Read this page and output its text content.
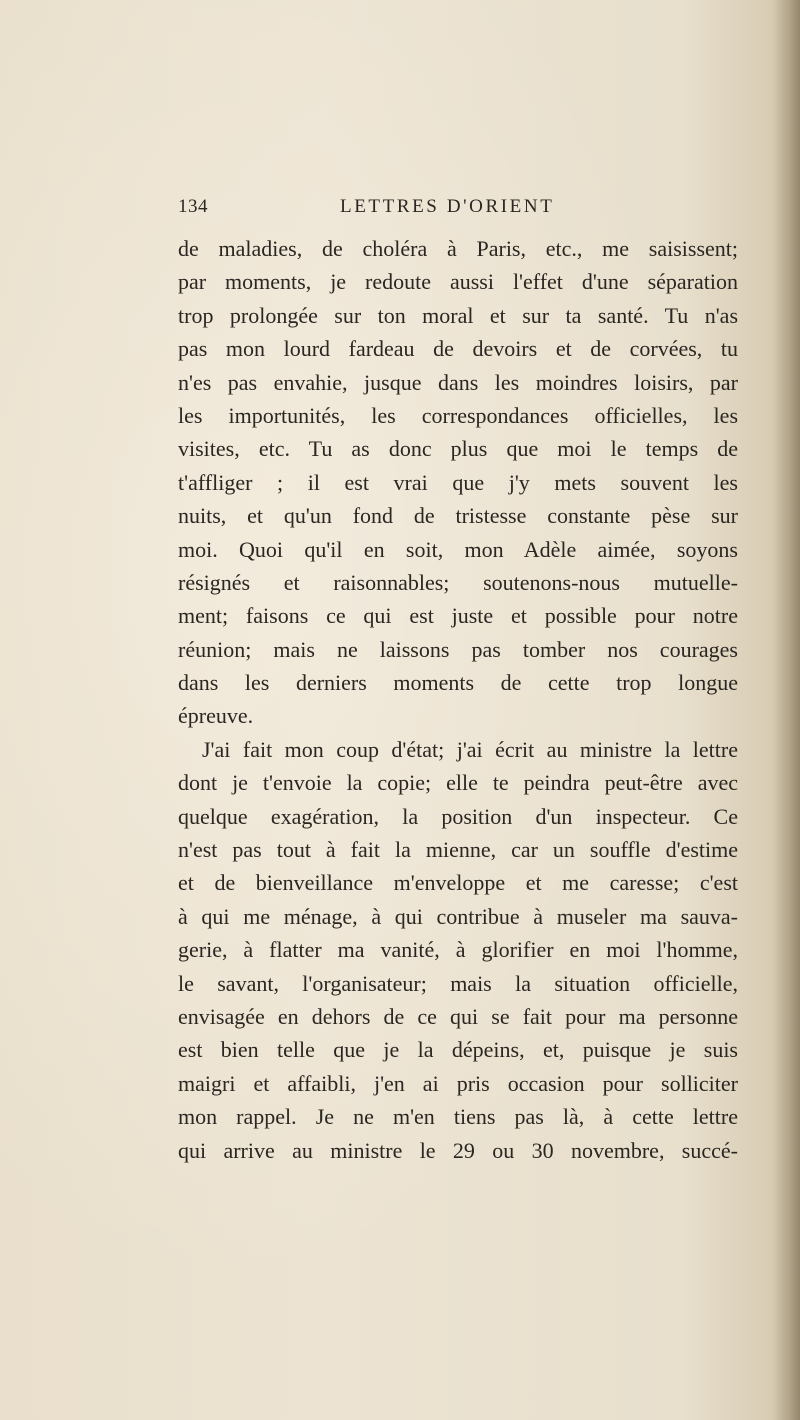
134	LETTRES D'ORIENT
de maladies, de choléra à Paris, etc., me saisissent;
par moments, je redoute aussi l'effet d'une séparation
trop prolongée sur ton moral et sur ta santé. Tu n'as
pas mon lourd fardeau de devoirs et de corvées, tu
n'es pas envahie, jusque dans les moindres loisirs, par
les importunités, les correspondances officielles, les
visites, etc. Tu as donc plus que moi le temps de
t'affliger ; il est vrai que j'y mets souvent les
nuits, et qu'un fond de tristesse constante pèse sur
moi. Quoi qu'il en soit, mon Adèle aimée, soyons
résignés et raisonnables; soutenons-nous mutuelle-
ment; faisons ce qui est juste et possible pour notre
réunion; mais ne laissons pas tomber nos courages
dans les derniers moments de cette trop longue
épreuve.
J'ai fait mon coup d'état; j'ai écrit au ministre la lettre
dont je t'envoie la copie; elle te peindra peut-être avec
quelque exagération, la position d'un inspecteur. Ce
n'est pas tout à fait la mienne, car un souffle d'estime
et de bienveillance m'enveloppe et me caresse; c'est
à qui me ménage, à qui contribue à museler ma sauva-
gerie, à flatter ma vanité, à glorifier en moi l'homme,
le savant, l'organisateur; mais la situation officielle,
envisagée en dehors de ce qui se fait pour ma personne
est bien telle que je la dépeins, et, puisque je suis
maigri et affaibli, j'en ai pris occasion pour solliciter
mon rappel. Je ne m'en tiens pas là, à cette lettre
qui arrive au ministre le 29 ou 30 novembre, succé-
